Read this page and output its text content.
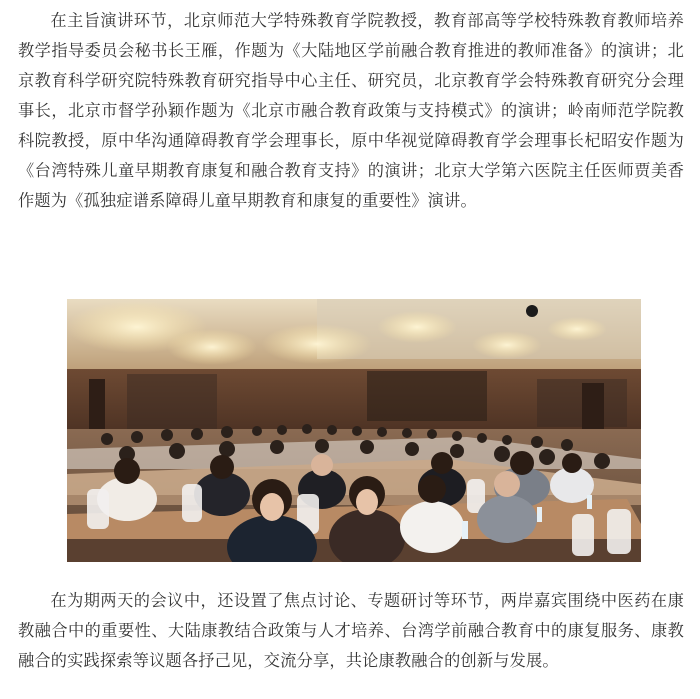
在主旨演讲环节，北京师范大学特殊教育学院教授，教育部高等学校特殊教育教师培养教学指导委员会秘书长王雁，作题为《大陆地区学前融合教育推进的教师准备》的演讲；北京教育科学研究院特殊教育研究指导中心主任、研究员，北京教育学会特殊教育研究分会理事长，北京市督学孙颖作题为《北京市融合教育政策与支持模式》的演讲；岭南师范学院教科院教授，原中华沟通障碍教育学会理事长，原中华视觉障碍教育学会理事长杞昭安作题为《台湾特殊儿童早期教育康复和融合教育支持》的演讲；北京大学第六医院主任医师贾美香作题为《孤独症谱系障碍儿童早期教育和康复的重要性》演讲。

在为期两天的会议中，还设置了焦点讨论、专题研讨等环节，两岸嘉宾围绕中医药在康教融合中的重要性、大陆康教结合政策与人才培养、台湾学前融合教育中的康复服务、康教融合的实践探索等议题各抒己见，交流分享，共论康教融合的创新与发展。
